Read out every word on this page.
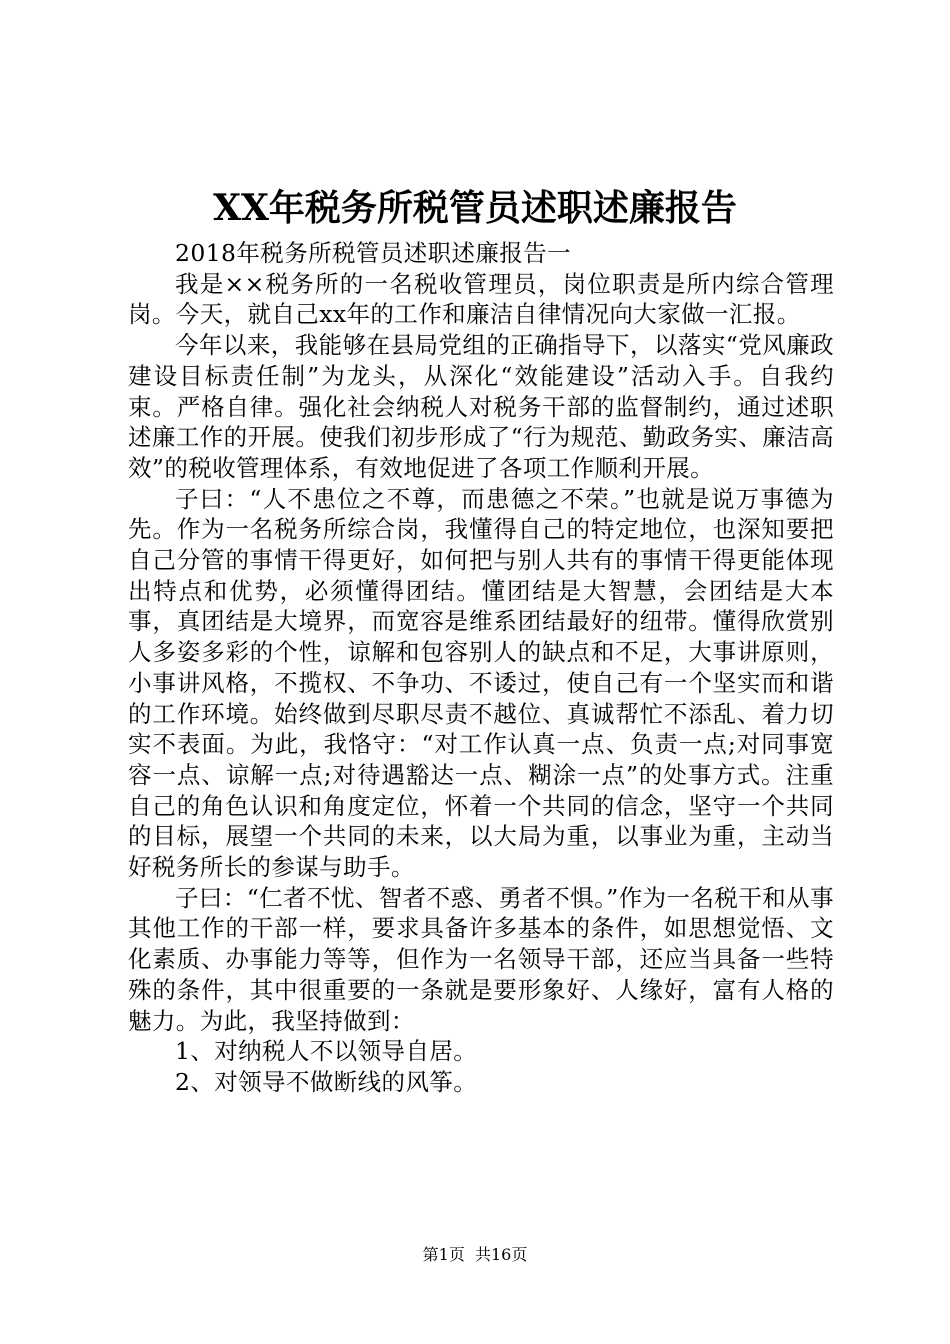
XX年税务所税管员述职述廉报告

2018年税务所税管员述职述廉报告一

我是××税务所的一名税收管理员，岗位职责是所内综合管理岗。今天，就自己xx年的工作和廉洁自律情况向大家做一汇报。

今年以来，我能够在县局党组的正确指导下，以落实“党风廉政建设目标责任制”为龙头，从深化“效能建设”活动入手。自我约束。严格自律。强化社会纳税人对税务干部的监督制约，通过述职述廉工作的开展。使我们初步形成了“行为规范、勤政务实、廉洁高效”的税收管理体系，有效地促进了各项工作顺利开展。

子曰：“人不患位之不尊，而患德之不荣。”也就是说万事德为先。作为一名税务所综合岗，我懂得自己的特定地位，也深知要把自己分管的事情干得更好，如何把与别人共有的事情干得更能体现出特点和优势，必须懂得团结。懂团结是大智慧，会团结是大本事，真团结是大境界，而宽容是维系团结最好的纽带。懂得欣赏别人多姿多彩的个性，谅解和包容别人的缺点和不足，大事讲原则，小事讲风格，不揽权、不争功、不诿过，使自己有一个坚实而和谐的工作环境。始终做到尽职尽责不越位、真诚帮忙不添乱、着力切实不表面。为此，我恪守：“对工作认真一点、负责一点;对同事宽容一点、谅解一点;对待遇豁达一点、糊涂一点”的处事方式。注重自己的角色认识和角度定位，怀着一个共同的信念，坚守一个共同的目标，展望一个共同的未来，以大局为重，以事业为重，主动当好税务所长的参谋与助手。

子曰：“仁者不忧、智者不惑、勇者不惧。”作为一名税干和从事其他工作的干部一样，要求具备许多基本的条件，如思想觉悟、文化素质、办事能力等等，但作为一名领导干部，还应当具备一些特殊的条件，其中很重要的一条就是要形象好、人缘好，富有人格的魅力。为此，我坚持做到：

1、对纳税人不以领导自居。

2、对领导不做断线的风筝。

第1页  共16页
